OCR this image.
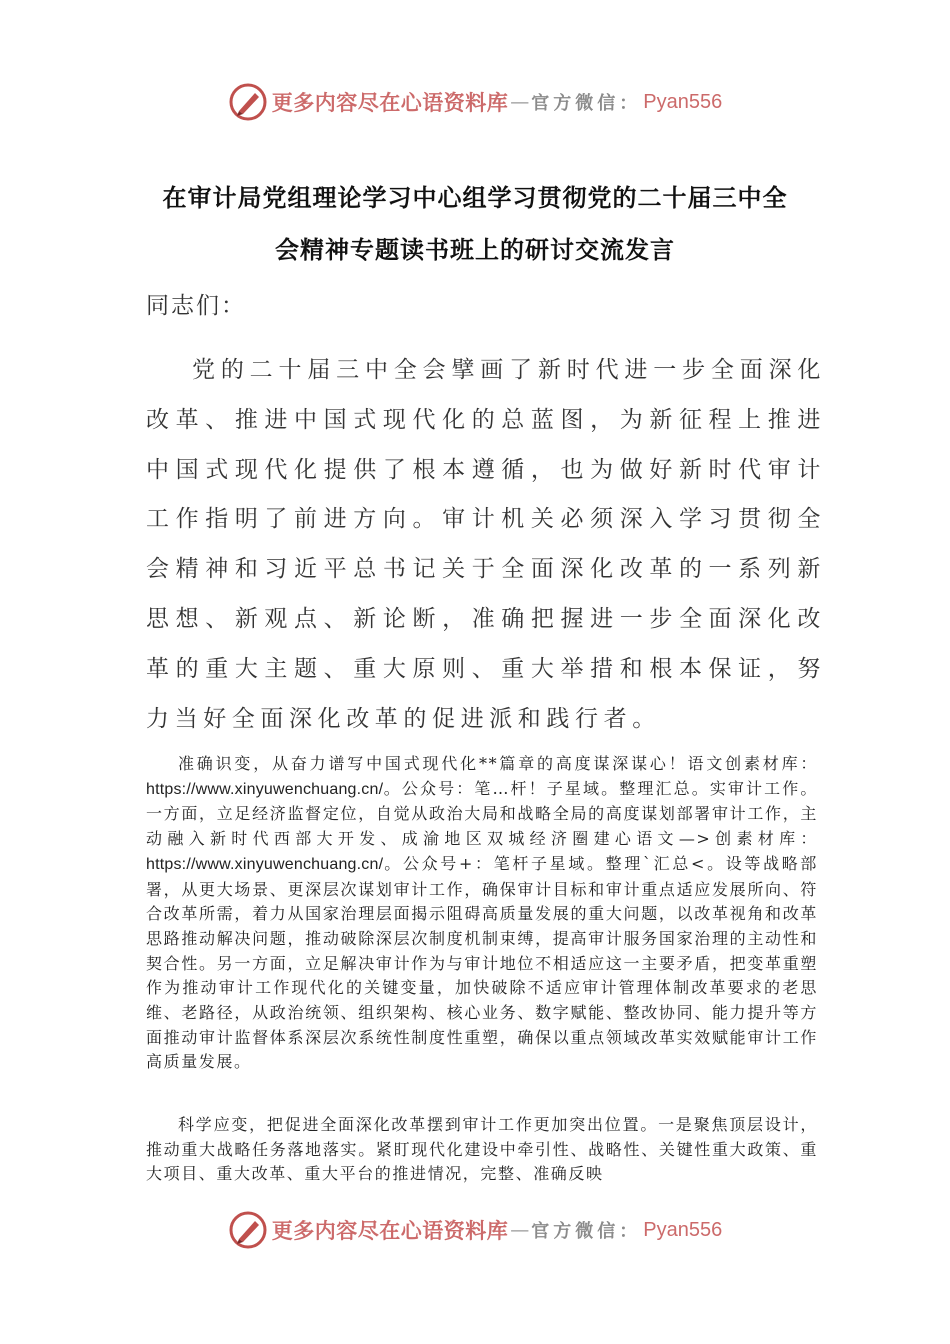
更多内容尽在心语资料库 — 官方微信： Pyan556
在审计局党组理论学习中心组学习贯彻党的二十届三中全
会精神专题读书班上的研讨交流发言
同志们：

党的二十届三中全会擘画了新时代进一步全面深化改革、推进中国式现代化的总蓝图，为新征程上推进中国式现代化提供了根本遵循，也为做好新时代审计工作指明了前进方向。审计机关必须深入学习贯彻全会精神和习近平总书记关于全面深化改革的一系列新思想、新观点、新论断，准确把握进一步全面深化改革的重大主题、重大原则、重大举措和根本保证，努力当好全面深化改革的促进派和践行者。

准确识变，从奋力谱写中国式现代化**篇章的高度谋深谋心！语文创素材库：https://www.xinyuwenchuang.cn/。公众号：笔…杆！子星域。整理汇总。实审计工作。一方面，立足经济监督定位，自觉从政治大局和战略全局的高度谋划部署审计工作，主动融入新时代西部大开发、成渝地区双城经济圈建心语文—>创素材库：https://www.xinyuwenchuang.cn/。公众号+：笔杆子星域。整理`汇总<。设等战略部署，从更大场景、更深层次谋划审计工作，确保审计目标和审计重点适应发展所向、符合改革所需，着力从国家治理层面揭示阻碍高质量发展的重大问题，以改革视角和改革思路推动解决问题，推动破除深层次制度机制束缚，提高审计服务国家治理的主动性和契合性。另一方面，立足解决审计作为与审计地位不相适应这一主要矛盾，把变革重塑作为推动审计工作现代化的关键变量，加快破除不适应审计管理体制改革要求的老思维、老路径，从政治统领、组织架构、核心业务、数字赋能、整改协同、能力提升等方面推动审计监督体系深层次系统性制度性重塑，确保以重点领域改革实效赋能审计工作高质量发展。

科学应变，把促进全面深化改革摆到审计工作更加突出位置。一是聚焦顶层设计，推动重大战略任务落地落实。紧盯现代化建设中牵引性、战略性、关键性重大政策、重大项目、重大改革、重大平台的推进情况，完整、准确反映

更多内容尽在心语资料库 — 官方微信： Pyan556
